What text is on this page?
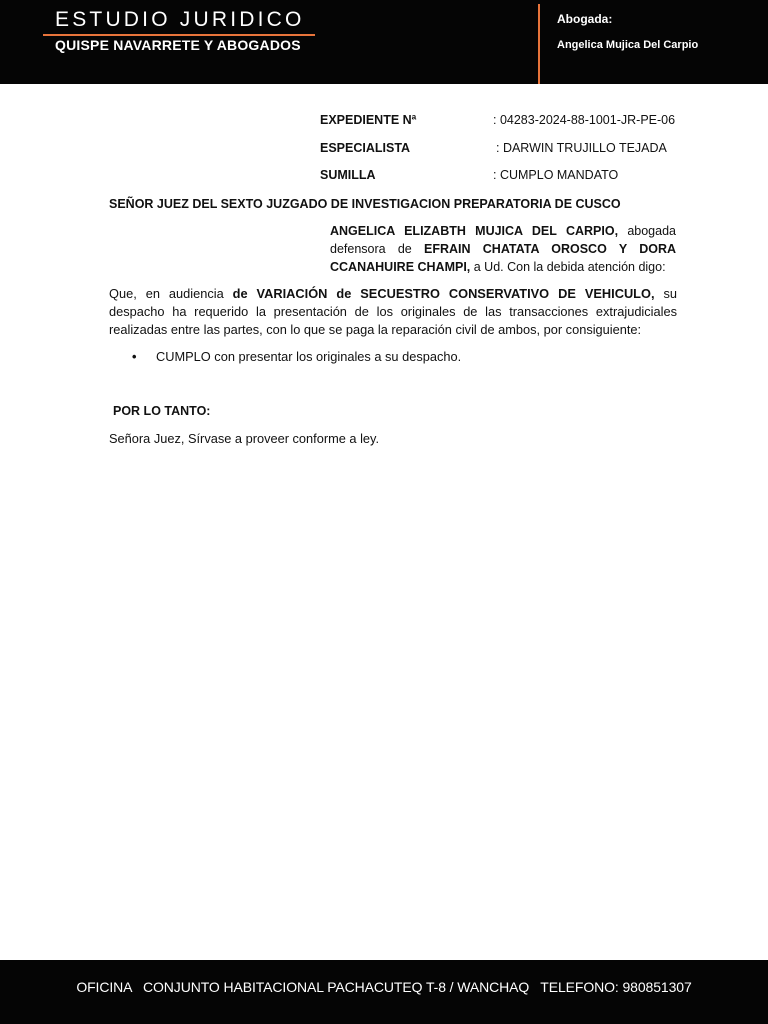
ESTUDIO JURIDICO
QUISPE NAVARRETE Y ABOGADOS
Abogada:
Angelica Mujica Del Carpio
EXPEDIENTE Nª	: 04283-2024-88-1001-JR-PE-06
ESPECIALISTA	: DARWIN TRUJILLO TEJADA
SUMILLA	: CUMPLO MANDATO
SEÑOR JUEZ DEL SEXTO JUZGADO DE INVESTIGACION PREPARATORIA DE CUSCO
ANGELICA ELIZABTH MUJICA DEL CARPIO, abogada defensora de EFRAIN CHATATA OROSCO Y DORA CCANAHUIRE CHAMPI, a Ud. Con la debida atención digo:
Que, en audiencia de VARIACIÓN de SECUESTRO CONSERVATIVO DE VEHICULO, su despacho ha requerido la presentación de los originales de las transacciones extrajudiciales realizadas entre las partes, con lo que se paga la reparación civil de ambos, por consiguiente:
• CUMPLO con presentar los originales a su despacho.
POR LO TANTO:
Señora Juez, Sírvase a proveer conforme a ley.
OFICINA   CONJUNTO HABITACIONAL PACHACUTEQ T-8 / WANCHAQ   TELEFONO: 980851307
